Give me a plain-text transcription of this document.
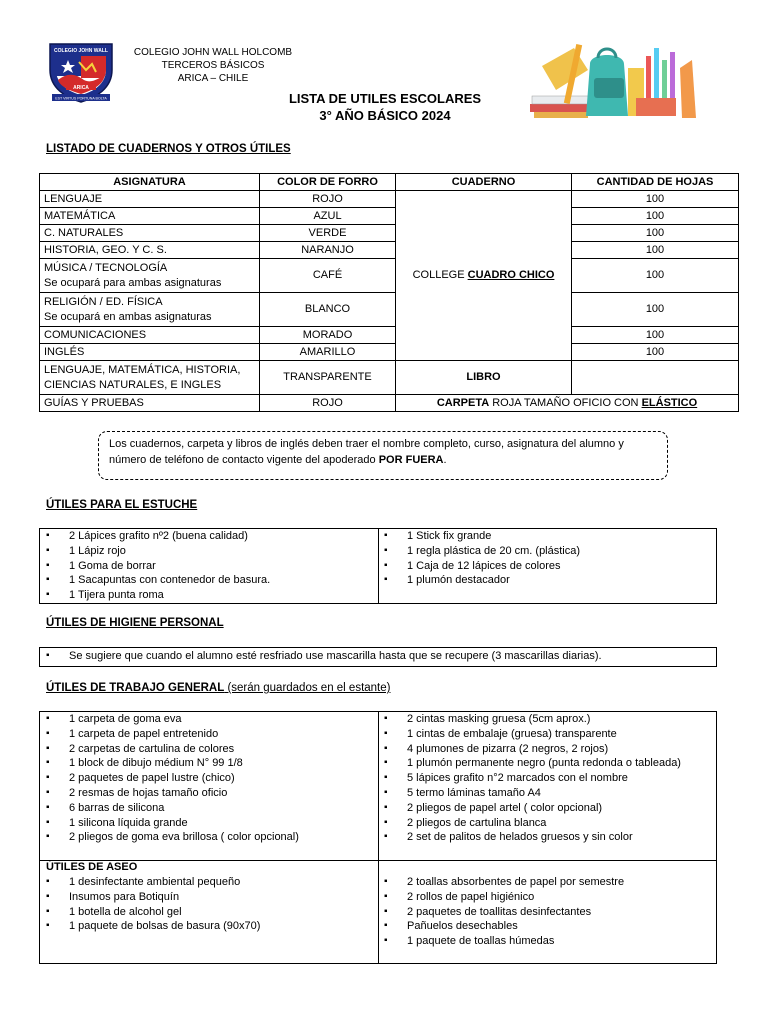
COLEGIO JOHN WALL
ARICA
EST VIRTUS PORTUNA BOLTA
COLEGIO JOHN WALL HOLCOMB
TERCEROS BÁSICOS
ARICA – CHILE
LISTA DE UTILES ESCOLARES
3° AÑO BÁSICO 2024
LISTADO DE CUADERNOS Y OTROS ÚTILES
ASIGNATURA	COLOR DE FORRO	CUADERNO	CANTIDAD DE HOJAS
LENGUAJE	ROJO	COLLEGE CUADRO CHICO	100
MATEMÁTICA	AZUL		100
C. NATURALES	VERDE		100
HISTORIA, GEO. Y C. S.	NARANJO		100

MÚSICA / TECNOLOGÍA
Se ocupará para ambas asignaturas	CAFÉ		100

RELIGIÓN / ED. FÍSICA
Se ocupará en ambas asignaturas	BLANCO		100
COMUNICACIONES	MORADO		100
INGLÉS	AMARILLO		100

LENGUAJE, MATEMÁTICA, HISTORIA,
CIENCIAS NATURALES, E INGLES	TRANSPARENTE	LIBRO	
GUÍAS Y PRUEBAS	ROJO	CARPETA ROJA TAMAÑO OFICIO CON ELÁSTICO	
Los cuadernos, carpeta y libros de inglés deben traer el nombre completo, curso, asignatura del alumno y número de teléfono de contacto vigente del apoderado POR FUERA.
ÚTILES PARA EL ESTUCHE
▪ 2 Lápices grafito nº2 (buena calidad)
▪ 1 Lápiz rojo
▪ 1 Goma de borrar
▪ 1 Sacapuntas con contenedor de basura.
▪ 1 Tijera punta roma
▪ 1 Stick fix grande
▪ 1 regla plástica de 20 cm. (plástica)
▪ 1 Caja de 12 lápices de colores
▪ 1 plumón destacador
ÚTILES DE HIGIENE PERSONAL
▪ Se sugiere que cuando el alumno esté resfriado use mascarilla hasta que se recupere (3 mascarillas diarias).
ÚTILES DE TRABAJO GENERAL (serán guardados en el estante)
▪ 1 carpeta de goma eva
▪ 1 carpeta de papel entretenido
▪ 2 carpetas de cartulina de colores
▪ 1 block de dibujo médium N° 99 1/8
▪ 2 paquetes de papel lustre (chico)
▪ 2 resmas de hojas tamaño oficio
▪ 6 barras de silicona
▪ 1 silicona líquida grande
▪ 2 pliegos de goma eva brillosa ( color opcional)
▪ 2 cintas masking gruesa (5cm aprox.)
▪ 1 cintas de embalaje (gruesa) transparente
▪ 4 plumones de pizarra (2 negros, 2 rojos)
▪ 1 plumón permanente negro (punta redonda o tableada)
▪ 5 lápices grafito n°2 marcados con el nombre
▪ 5 termo láminas tamaño A4
▪ 2 pliegos de papel artel ( color opcional)
▪ 2 pliegos de cartulina blanca
▪ 2 set de palitos de helados gruesos y sin color
ÚTILES DE ASEO
▪ 1 desinfectante ambiental pequeño
▪ Insumos para Botiquín
▪ 1 botella de alcohol gel
▪ 1 paquete de bolsas de basura (90x70)
▪ 2 toallas absorbentes de papel por semestre
▪ 2 rollos de papel higiénico
▪ 2 paquetes de toallitas desinfectantes
▪ Pañuelos desechables
▪ 1 paquete de toallas húmedas
